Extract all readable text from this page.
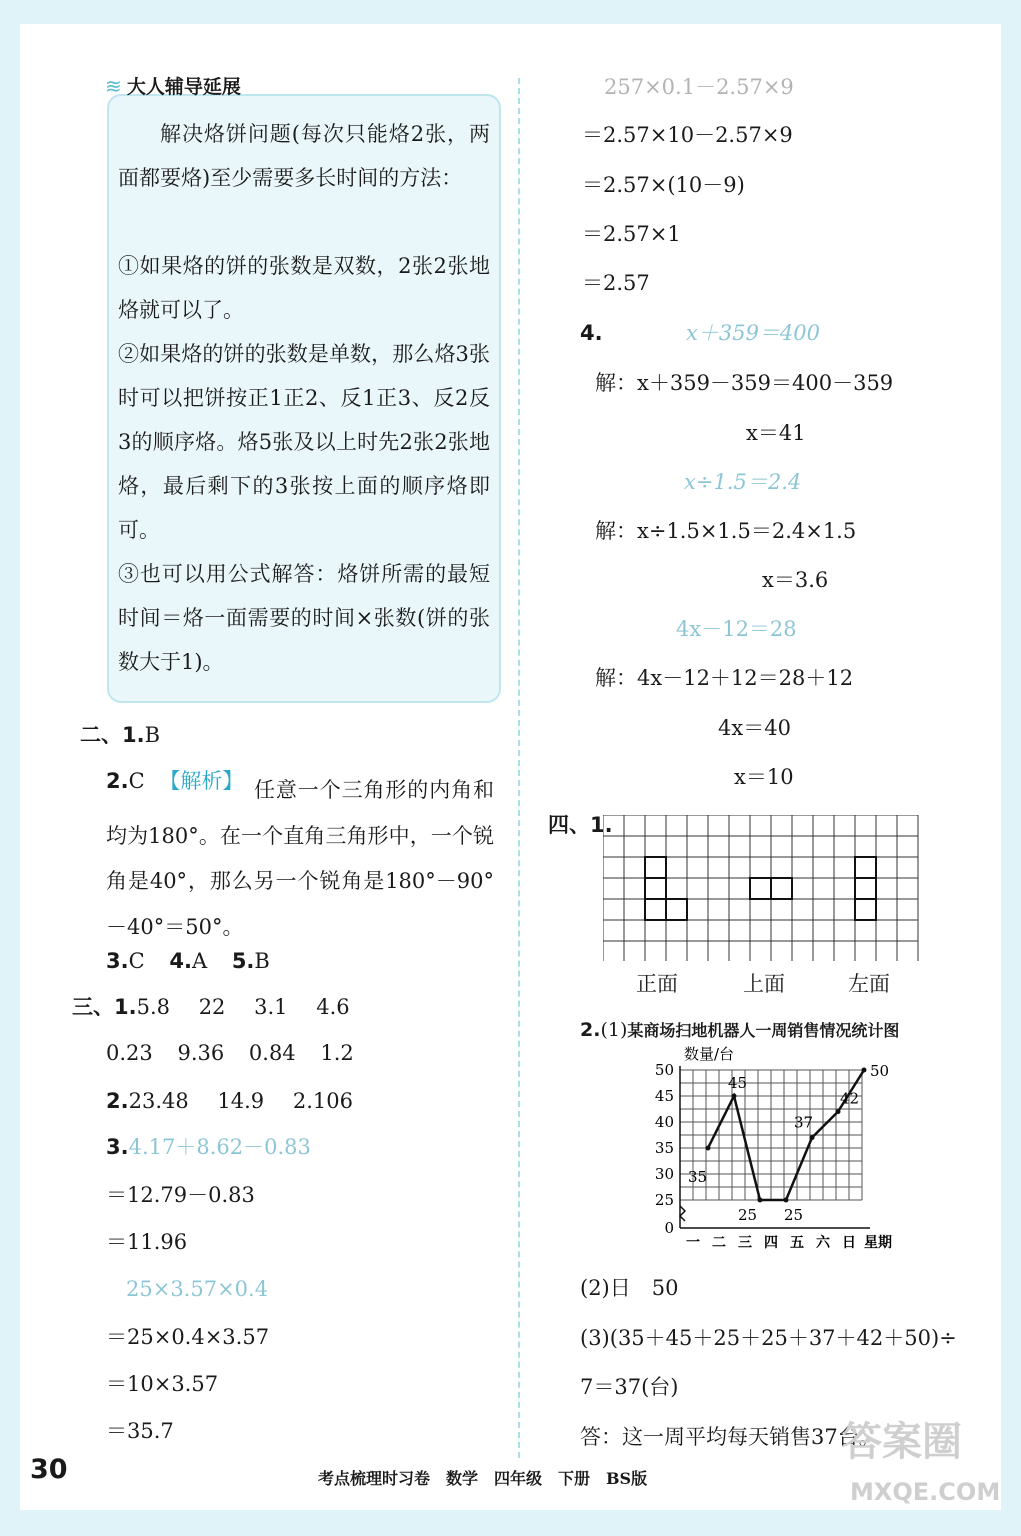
≋ 大人辅导延展
解决烙饼问题(每次只能烙2张，两面都要烙)至少需要多长时间的方法：
①如果烙的饼的张数是双数，2张2张地烙就可以了。
②如果烙的饼的张数是单数，那么烙3张时可以把饼按正1正2、反1正3、反2反3的顺序烙。烙5张及以上时先2张2张地烙，最后剩下的3张按上面的顺序烙即可。
③也可以用公式解答：烙饼所需的最短时间＝烙一面需要的时间×张数(饼的张数大于1)。
二、1.B
2.C 【解析】 任意一个三角形的内角和均为180°。在一个直角三角形中，一个锐角是40°，那么另一个锐角是180°－90°－40°＝50°。
3.C 4.A 5.B
三、1.5.8 22 3.1 4.6
0.23 9.36 0.84 1.2
2.23.48 14.9 2.106
3.4.17＋8.62－0.83
＝12.79－0.83
＝11.96
25×3.57×0.4
＝25×0.4×3.57
＝10×3.57
＝35.7
257×0.1－2.57×9
＝2.57×10－2.57×9
＝2.57×(10－9)
＝2.57×1
＝2.57
4.	x＋359＝400
解：x＋359－359＝400－359
x＝41
x÷1.5＝2.4
解：x÷1.5×1.5＝2.4×1.5
x＝3.6
4x－12＝28
解：4x－12＋12＝28＋12
4x＝40
x＝10
四、1.
正面	上面	左面
2.(1)某商场扫地机器人一周销售情况统计图
数量/台
0
25
30
35
40
45
50
一 二 三 四 五 六 日 星期
35
45
25 25
37
42
50
(2)日　50
(3)(35＋45＋25＋25＋37＋42＋50)÷
7＝37(台)
答：这一周平均每天销售37台。
30	考点梳理时习卷　数学　四年级　下册　BS版
答案圈
MXQE.COM
